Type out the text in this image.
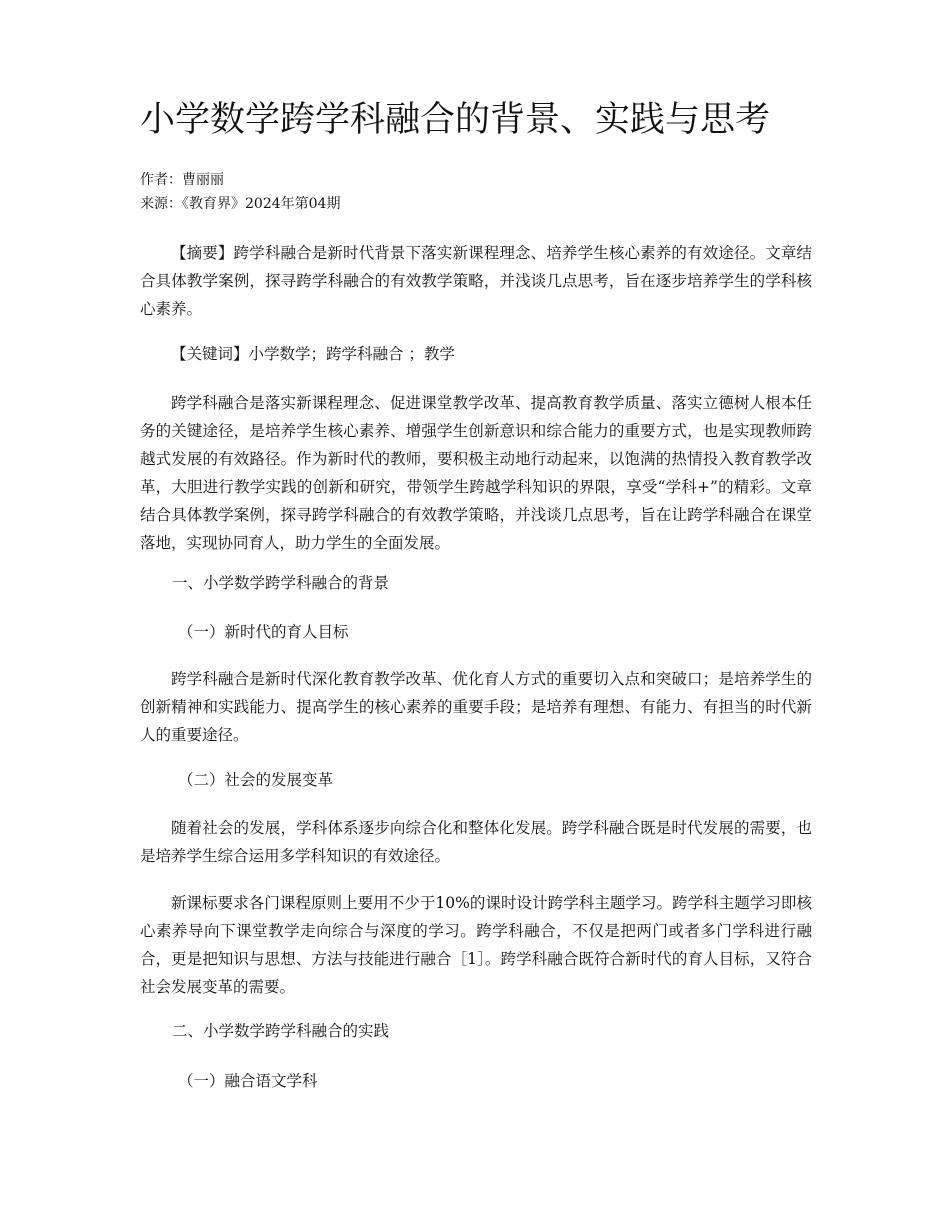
小学数学跨学科融合的背景、实践与思考
作者：曹丽丽
来源：《教育界》2024年第04期

【摘要】跨学科融合是新时代背景下落实新课程理念、培养学生核心素养的有效途径。文章结合具体教学案例，探寻跨学科融合的有效教学策略，并浅谈几点思考，旨在逐步培养学生的学科核心素养。

【关键词】小学数学；跨学科融合 ；教学

跨学科融合是落实新课程理念、促进课堂教学改革、提高教育教学质量、落实立德树人根本任务的关键途径，是培养学生核心素养、增强学生创新意识和综合能力的重要方式，也是实现教师跨越式发展的有效路径。作为新时代的教师，要积极主动地行动起来，以饱满的热情投入教育教学改革，大胆进行教学实践的创新和研究，带领学生跨越学科知识的界限，享受“学科+”的精彩。文章结合具体教学案例，探寻跨学科融合的有效教学策略，并浅谈几点思考，旨在让跨学科融合在课堂落地，实现协同育人，助力学生的全面发展。

一、小学数学跨学科融合的背景
（一）新时代的育人目标

跨学科融合是新时代深化教育教学改革、优化育人方式的重要切入点和突破口；是培养学生的创新精神和实践能力、提高学生的核心素养的重要手段；是培养有理想、有能力、有担当的时代新人的重要途径。

（二）社会的发展变革

随着社会的发展，学科体系逐步向综合化和整体化发展。跨学科融合既是时代发展的需要，也是培养学生综合运用多学科知识的有效途径。

新课标要求各门课程原则上要用不少于10%的课时设计跨学科主题学习。跨学科主题学习即核心素养导向下课堂教学走向综合与深度的学习。跨学科融合，不仅是把两门或者多门学科进行融合，更是把知识与思想、方法与技能进行融合［1］。跨学科融合既符合新时代的育人目标，又符合社会发展变革的需要。

二、小学数学跨学科融合的实践
（一）融合语文学科
